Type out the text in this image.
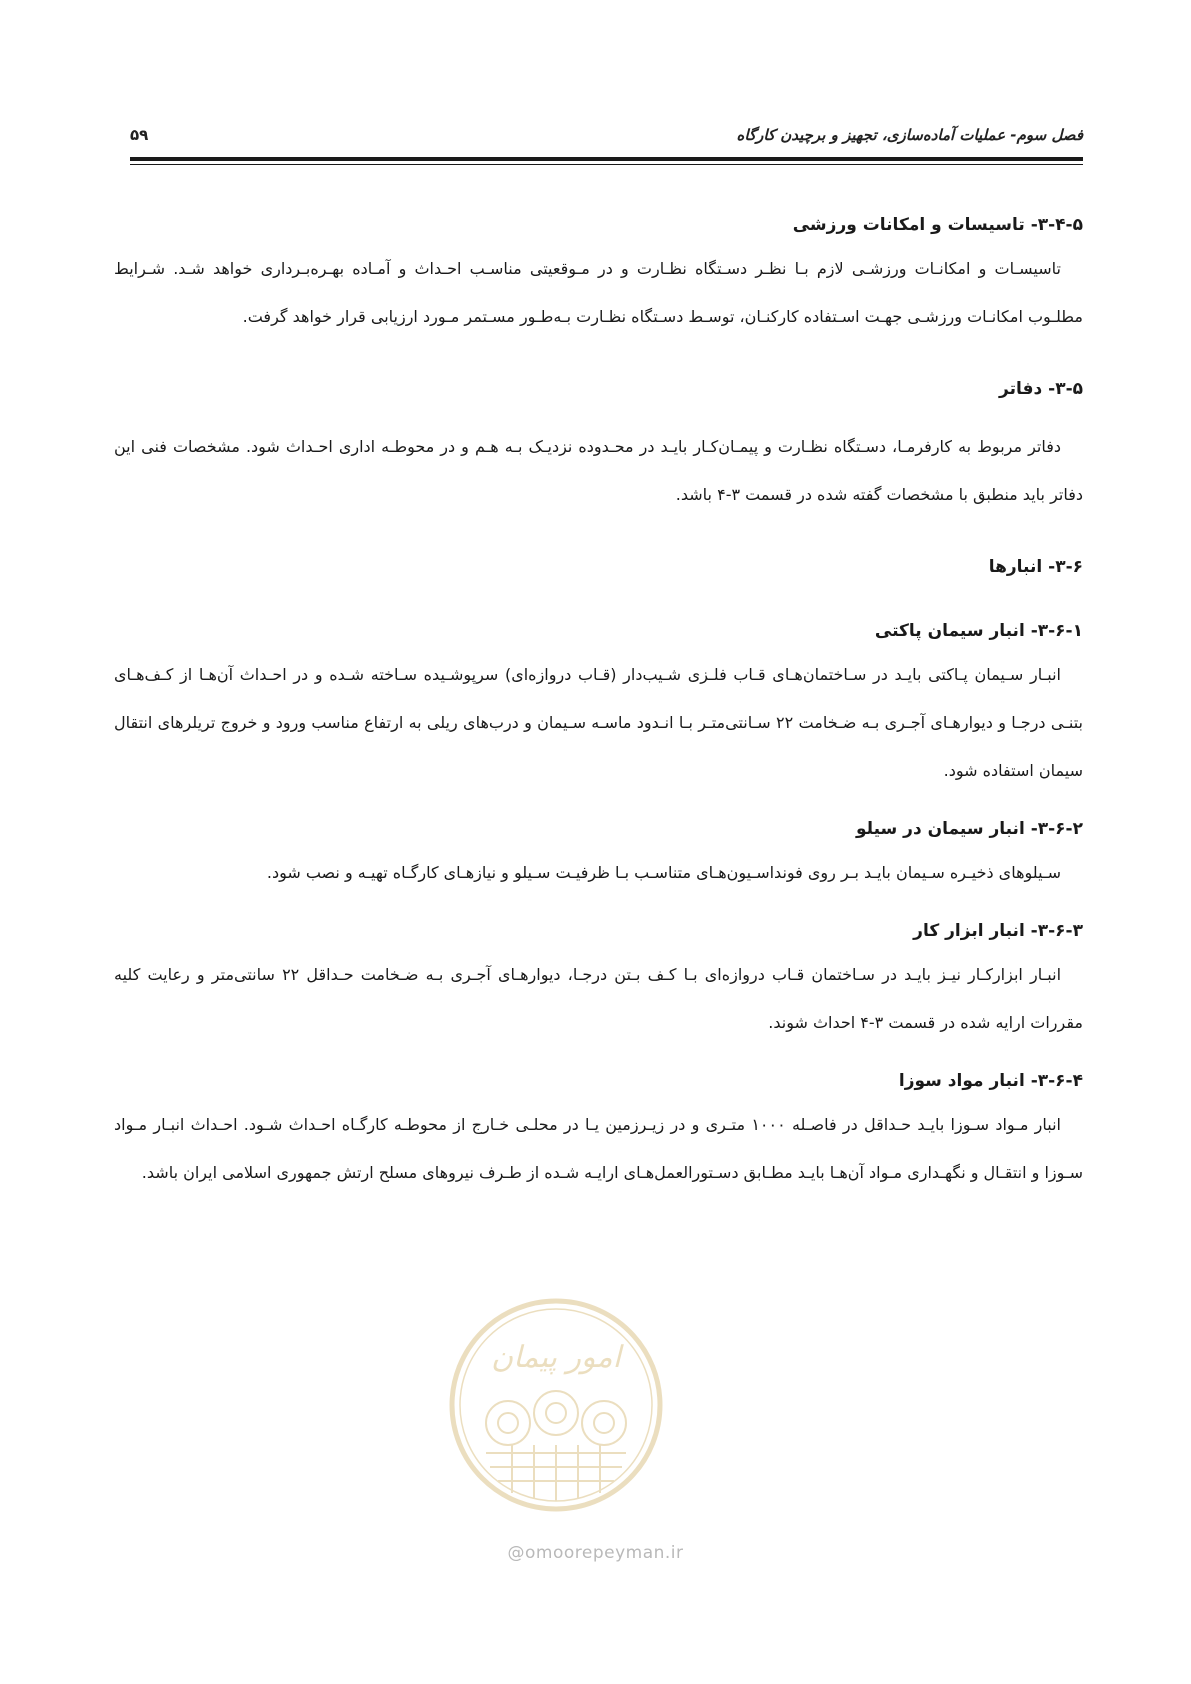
فصل سوم- عملیات آماده‌سازی، تجهیز و برچیدن کارگاه
۵۹
۳-۴-۵- تاسیسات و امکانات ورزشی

تاسیسـات و امکانـات ورزشـی لازم بـا نظـر دسـتگاه نظـارت و در مـوقعیتی مناسـب احـداث و آمـاده بهـره‌بـرداری خواهد شـد. شـرایط مطلـوب امکانـات ورزشـی جهـت اسـتفاده کارکنـان، توسـط دسـتگاه نظـارت بـه‌طـور مسـتمر مـورد ارزیابی قرار خواهد گرفت.

۳-۵- دفاتر

دفاتر مربوط به کارفرمـا، دسـتگاه نظـارت و پیمـان‌کـار بایـد در محـدوده نزدیـک بـه هـم و در محوطـه اداری احـداث شود. مشخصات فنی این دفاتر باید منطبق با مشخصات گفته شده در قسمت ۳-۴ باشد.

۳-۶- انبارها
۳-۶-۱- انبار سیمان پاکتی

انبـار سـیمان پـاکتی بایـد در سـاختمان‌هـای قـاب فلـزی شـیب‌دار (قـاب دروازه‌ای) سرپوشـیده سـاخته شـده و در احـداث آن‌هـا از کـف‌هـای بتنـی درجـا و دیوارهـای آجـری بـه ضـخامت ۲۲ سـانتی‌متـر بـا انـدود ماسـه سـیمان و درب‌های ریلی به ارتفاع مناسب ورود و خروج تریلرهای انتقال سیمان استفاده شود.

۳-۶-۲- انبار سیمان در سیلو

سـیلوهای ذخیـره سـیمان بایـد بـر روی فونداسـیون‌هـای متناسـب بـا ظرفیـت سـیلو و نیازهـای کارگـاه تهیـه و نصب شود.

۳-۶-۳- انبار ابزار کار

انبـار ابزارکـار نیـز بایـد در سـاختمان قـاب دروازه‌ای بـا کـف بـتن درجـا، دیوارهـای آجـری بـه ضـخامت حـداقل ۲۲ سانتی‌متر و رعایت کلیه مقررات ارایه شده در قسمت ۳-۴ احداث شوند.

۳-۶-۴- انبار مواد سوزا

انبار مـواد سـوزا بایـد حـداقل در فاصـله ۱۰۰۰ متـری و در زیـرزمین یـا در محلـی خـارج از محوطـه کارگـاه احـداث شـود. احـداث انبـار مـواد سـوزا و انتقـال و نگهـداری مـواد آن‌هـا بایـد مطـابق دسـتورالعمل‌هـای ارایـه شـده از طـرف نیروهای مسلح ارتش جمهوری اسلامی ایران باشد.

امور پیمان
@omoorepeyman.ir
